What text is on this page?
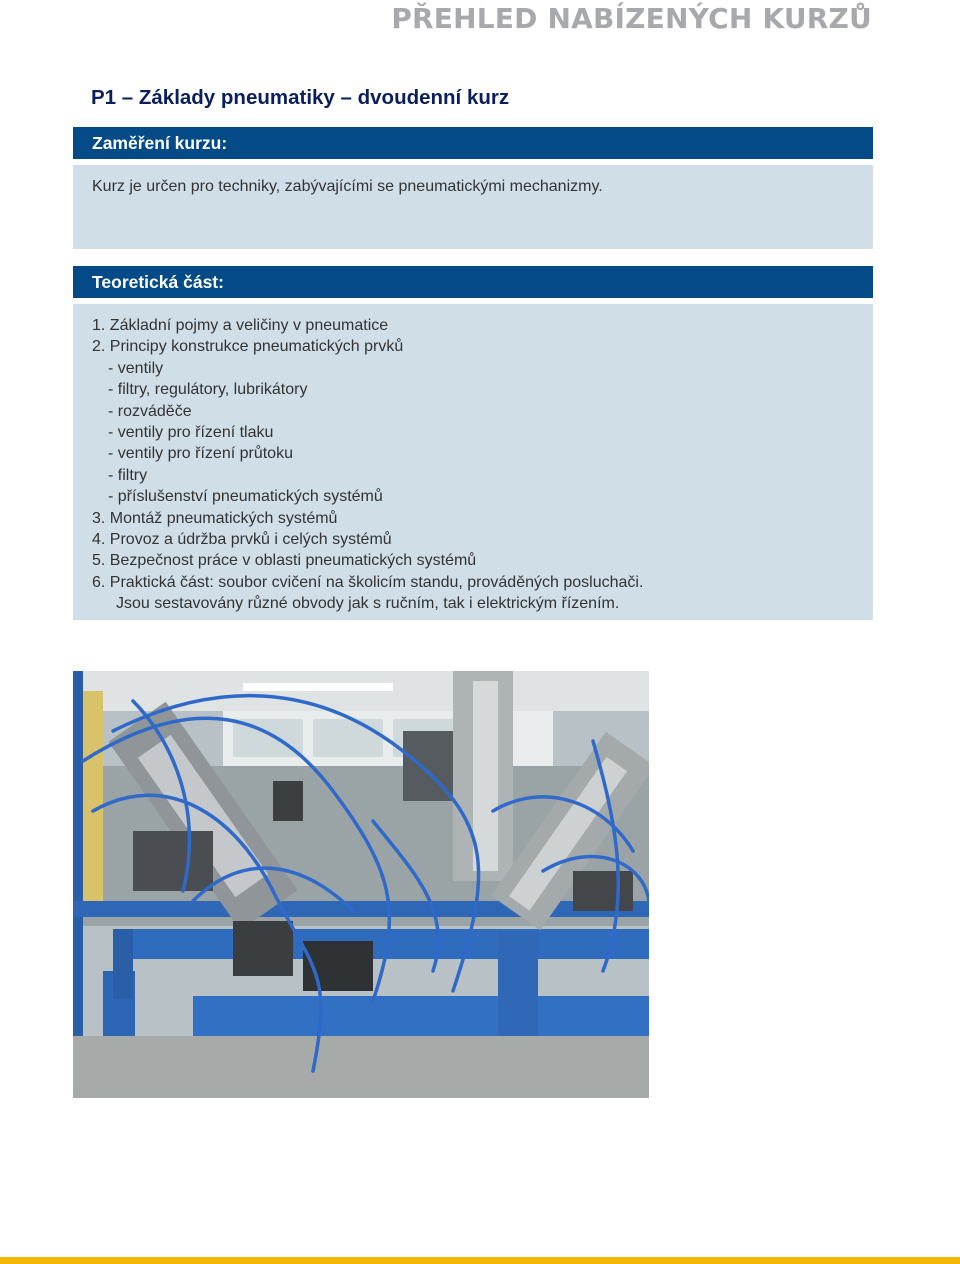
PŘEHLED NABÍZENÝCH KURZŮ
P1 – Základy pneumatiky – dvoudenní kurz
Zaměření kurzu:

Kurz je určen pro techniky, zabývajícími se pneumatickými mechanizmy.

Teoretická část:

1. Základní pojmy a veličiny v pneumatice

2. Principy konstrukce pneumatických prvků

- ventily

- filtry, regulátory, lubrikátory

- rozváděče

- ventily pro řízení tlaku

- ventily pro řízení průtoku

- filtry

- příslušenství pneumatických systémů

3. Montáž pneumatických systémů

4. Provoz a údržba prvků i celých systémů

5. Bezpečnost práce v oblasti pneumatických systémů

6. Praktická část: soubor cvičení na školicím standu, prováděných posluchači.

Jsou sestavovány různé obvody jak s ručním, tak i elektrickým řízením.
